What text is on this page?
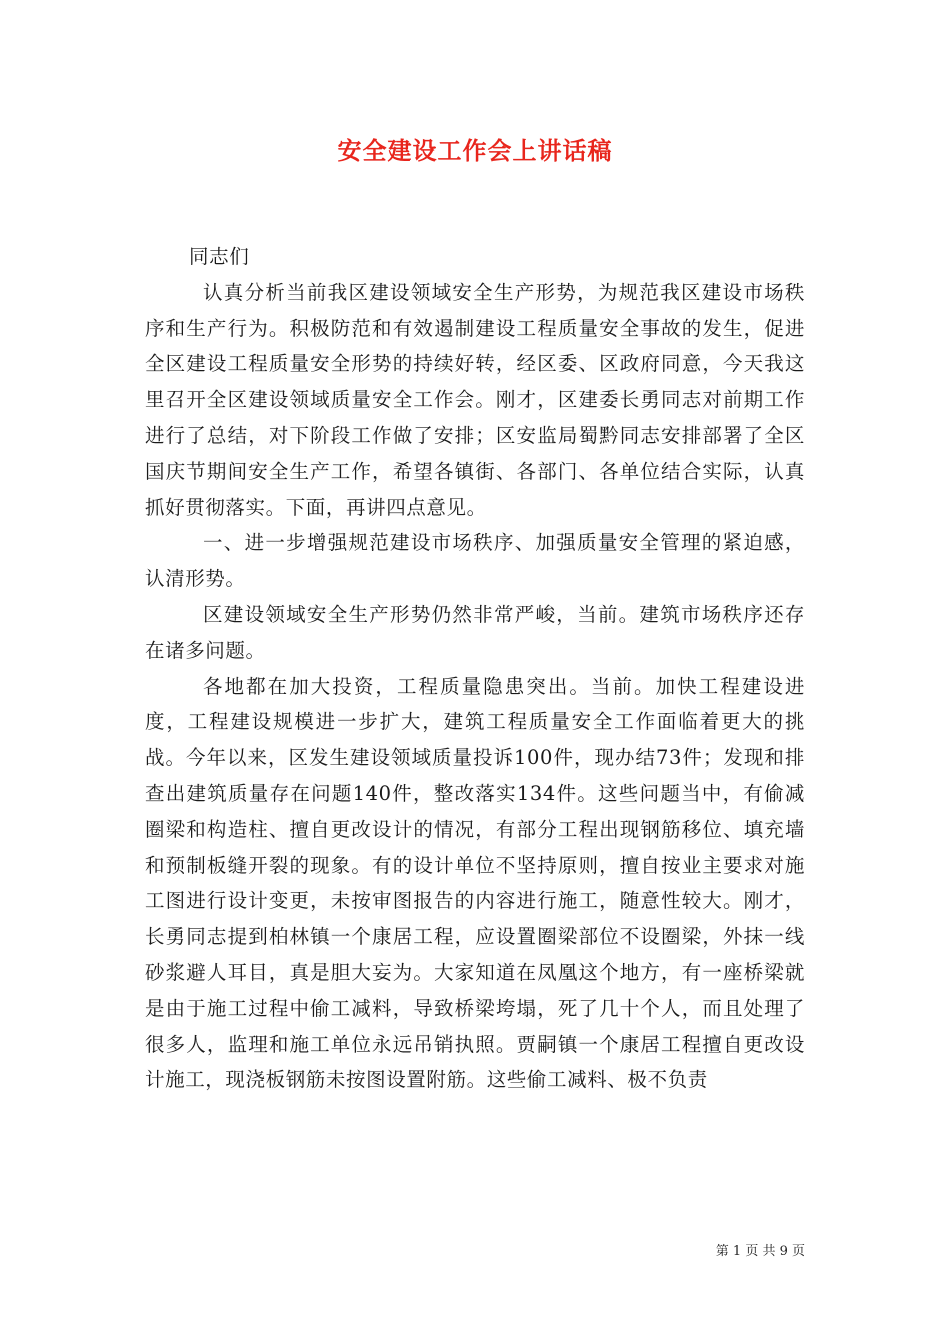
安全建设工作会上讲话稿

同志们

认真分析当前我区建设领域安全生产形势，为规范我区建设市场秩序和生产行为。积极防范和有效遏制建设工程质量安全事故的发生，促进全区建设工程质量安全形势的持续好转，经区委、区政府同意，今天我这里召开全区建设领域质量安全工作会。刚才，区建委长勇同志对前期工作进行了总结，对下阶段工作做了安排；区安监局蜀黔同志安排部署了全区国庆节期间安全生产工作，希望各镇街、各部门、各单位结合实际，认真抓好贯彻落实。下面，再讲四点意见。

一、进一步增强规范建设市场秩序、加强质量安全管理的紧迫感，认清形势。

区建设领域安全生产形势仍然非常严峻，当前。建筑市场秩序还存在诸多问题。

各地都在加大投资，工程质量隐患突出。当前。加快工程建设进度，工程建设规模进一步扩大，建筑工程质量安全工作面临着更大的挑战。今年以来，区发生建设领域质量投诉100件，现办结73件；发现和排查出建筑质量存在问题140件，整改落实134件。这些问题当中，有偷减圈梁和构造柱、擅自更改设计的情况，有部分工程出现钢筋移位、填充墙和预制板缝开裂的现象。有的设计单位不坚持原则，擅自按业主要求对施工图进行设计变更，未按审图报告的内容进行施工，随意性较大。刚才，长勇同志提到柏林镇一个康居工程，应设置圈梁部位不设圈梁，外抹一线砂浆避人耳目，真是胆大妄为。大家知道在凤凰这个地方，有一座桥梁就是由于施工过程中偷工减料，导致桥梁垮塌，死了几十个人，而且处理了很多人，监理和施工单位永远吊销执照。贾嗣镇一个康居工程擅自更改设计施工，现浇板钢筋未按图设置附筋。这些偷工减料、极不负责

第 1 页 共 9 页
